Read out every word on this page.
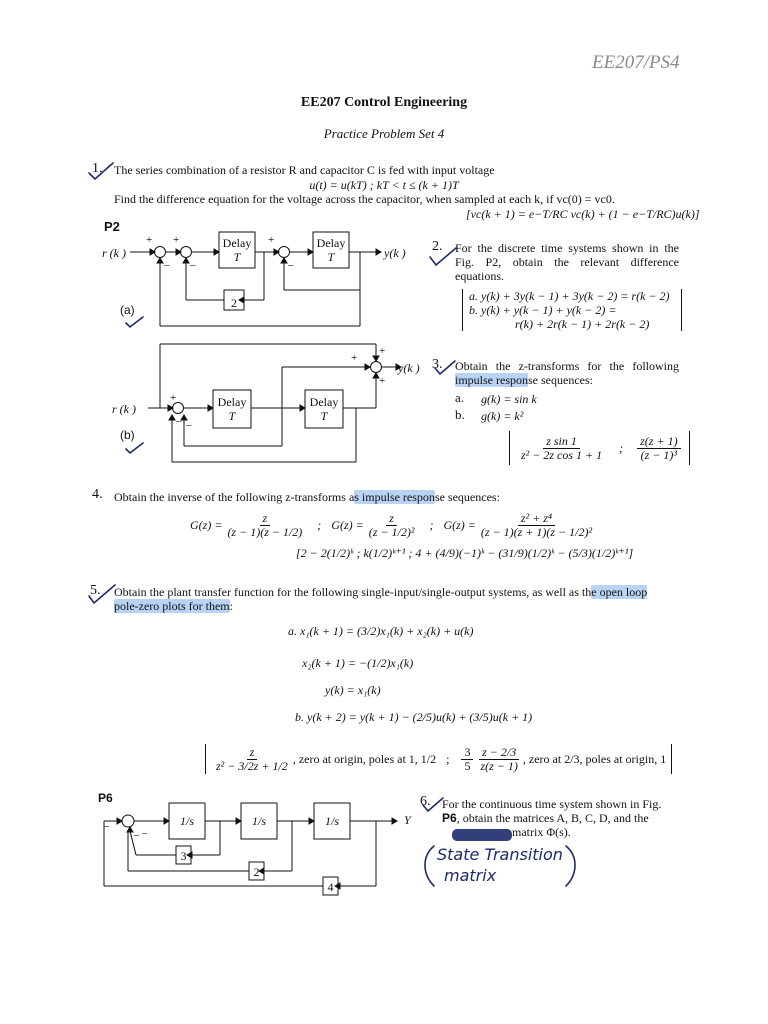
EE207/PS4
EE207 Control Engineering
Practice Problem Set 4
1. The series combination of a resistor R and capacitor C is fed with input voltage
u(t) = u(kT) ; kT < t ≤ (k + 1)T
Find the difference equation for the voltage across the capacitor, when sampled at each k, if vc(0) = vc0.
[vc(k + 1) = e−T/RC vc(k) + (1 − e−T/RC)u(k)]
P2
+ +	+
– –	–
r (k )
Delay
T
Delay
T
2
y(k )
(a)
2. For the discrete time systems shown in the Fig. P2, obtain the relevant difference equations.
a. y(k) + 3y(k − 1) + 3y(k − 2) = r(k − 2)
b. y(k) + y(k − 1) + y(k − 2) =
r(k) + 2r(k − 1) + 2r(k − 2)
+
– –
+
+
+
r (k )	Delay
T
Delay
T
y(k )
(b)
3. Obtain the z-transforms for the following impulse response sequences:
a. g(k) = sin k
b. g(k) = k²
$\frac{\text{z sin 1}}{\text{z² − 2z cos 1 + 1}}$ ; $\frac{z(z + 1)}{\text{(z − 1)³}}$
4. Obtain the inverse of the following z-transforms as impulse response sequences:
$G(z) = \frac{z}{(z - 1)(z - 1/2)}$ ; $G(z) = \frac{z}{\text{(z − 1/2)²}}$ ; $G(z) = \frac{\text{z² + z⁴}}{\text{(z − 1)(z + 1)(z − 1/2)²}}$
[2 − 2(1/2)ᵏ ; k(1/2)ᵏ⁺¹ ; 4 + (4/9)(−1)ᵏ − (31/9)(1/2)ᵏ − (5/3)(1/2)ᵏ⁺¹]
5. Obtain the plant transfer function for the following single-input/single-output systems, as well as the open loop
pole-zero plots for them:
a. x₁(k + 1) = (3/2)x₁(k) + x₂(k) + u(k)
x₂(k + 1) = −(1/2)x₁(k)
y(k) = x₁(k)
b. y(k + 2) = y(k + 1) − (2/5)u(k) + (3/5)u(k + 1)
$\frac{z}{\text{z² − 3/2z + 1/2}}$ , zero at origin, poles at 1, 1/2 ; $\frac{3}{5} \frac{z - 2/3}{z(z - 1)}$ , zero at 2/3, poles at origin, 1
P6
–
– –
1/s	1/s	1/s	Y
3
2
4
6. For the continuous time system shown in Fig.
P6, obtain the matrices A, B, C, D, and the
matrix Φ(s).
State Transition
matrix
